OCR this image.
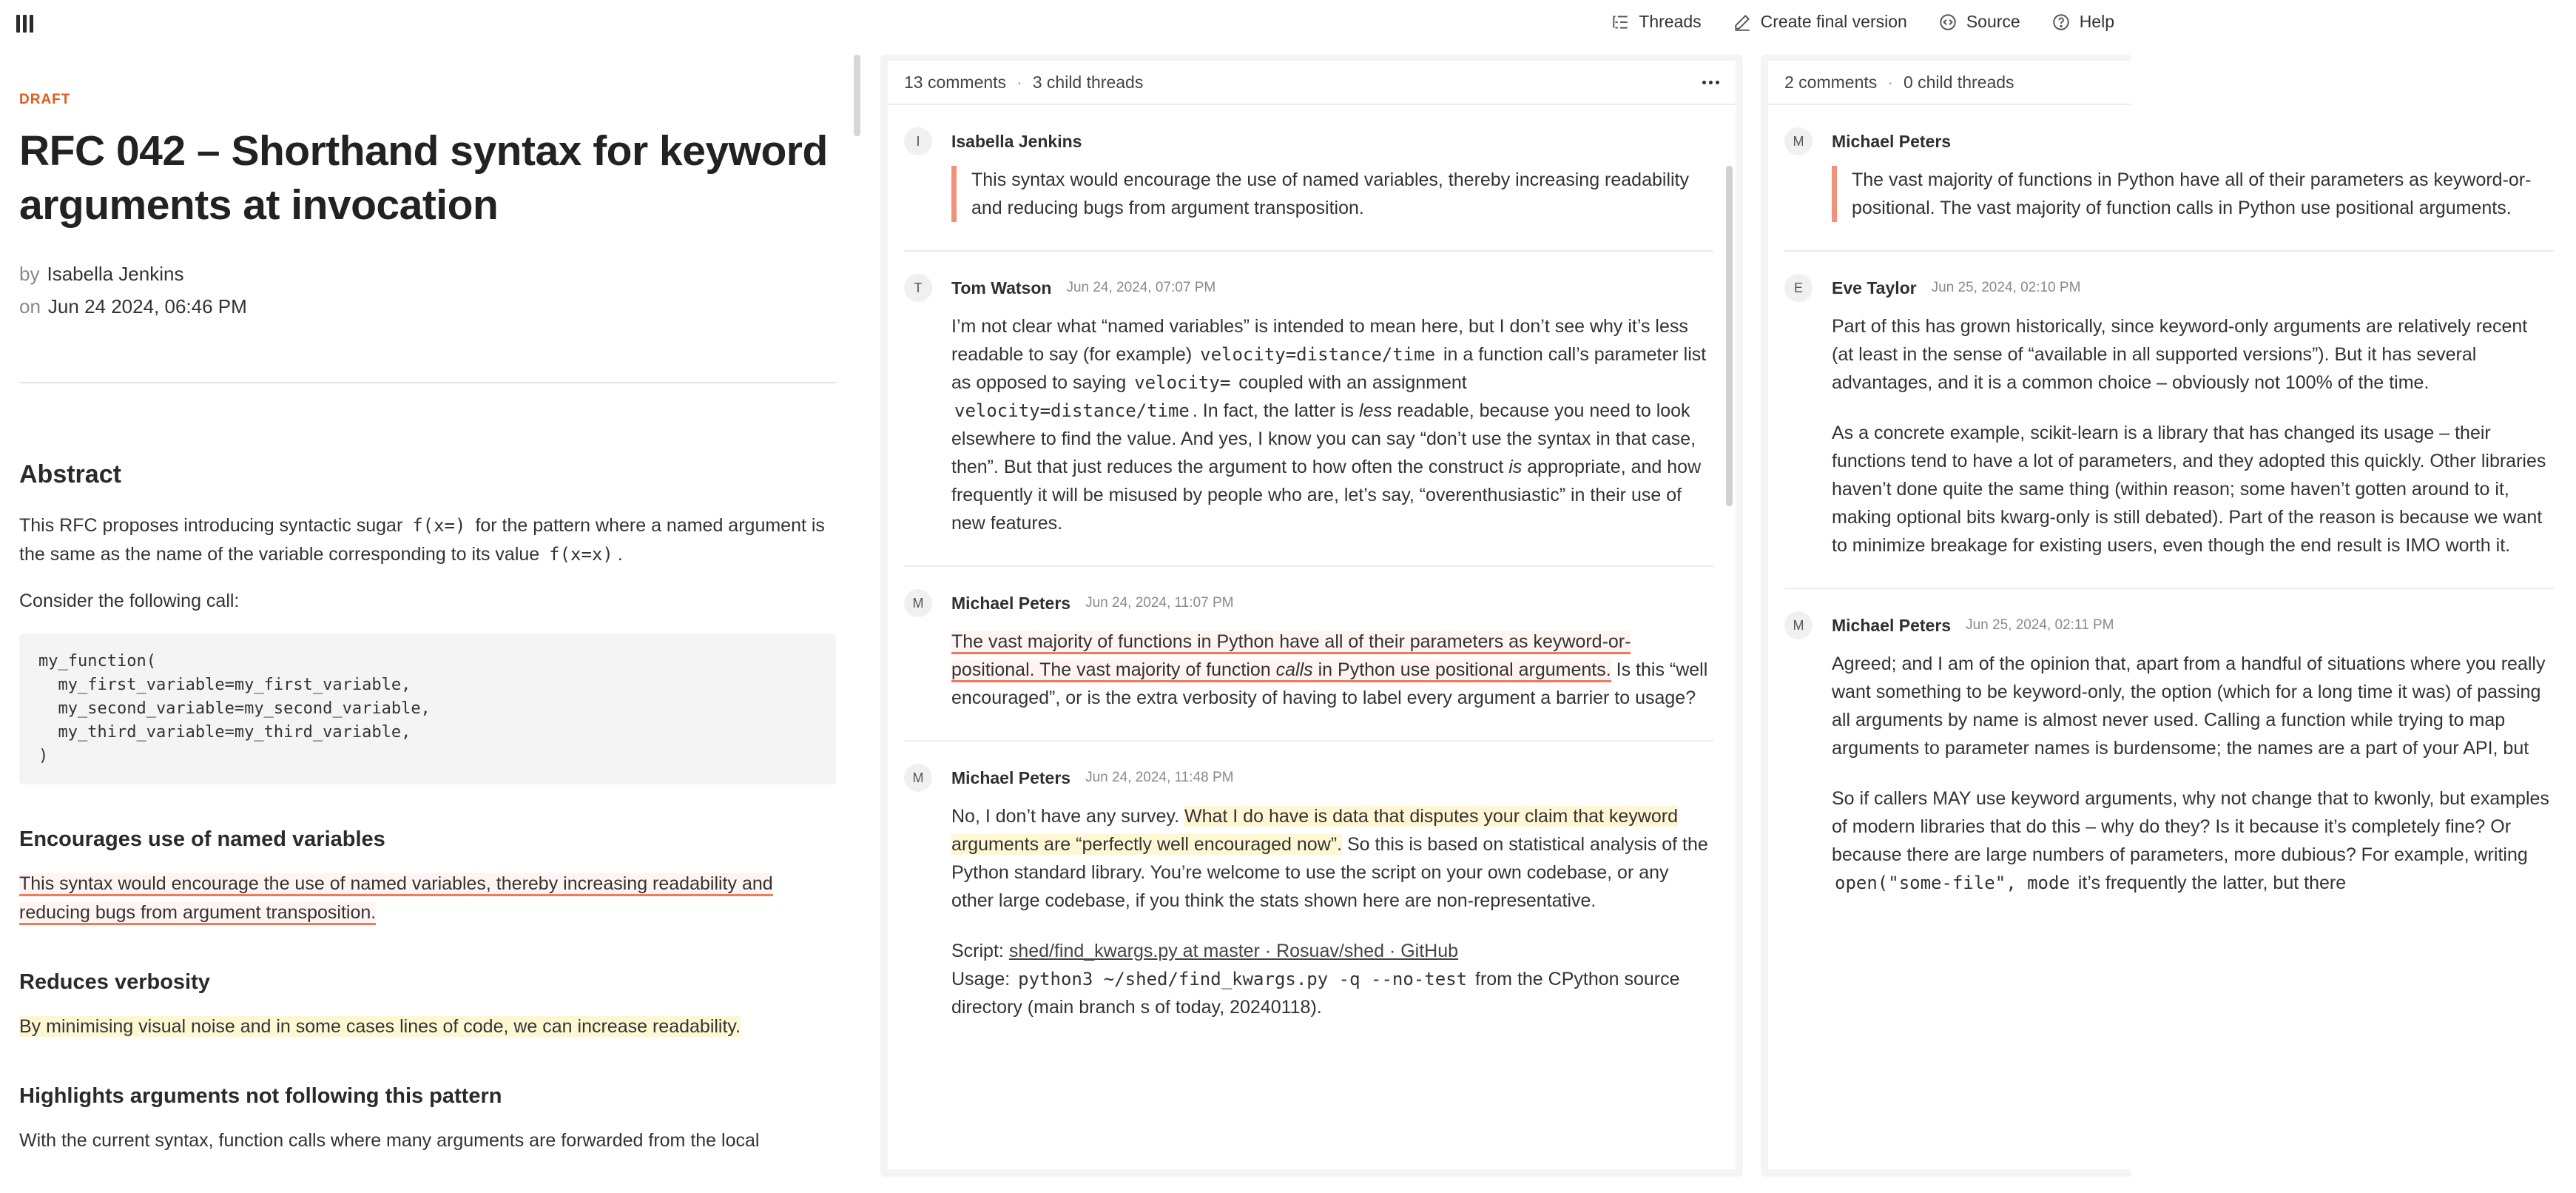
Threads	Create final version	Source	Help
DRAFT
RFC 042 – Shorthand syntax for keyword arguments at invocation
by Isabella Jenkins
on Jun 24 2024, 06:46 PM
Abstract

This RFC proposes introducing syntactic sugar f(x=) for the pattern where a named argument is the same as the name of the variable corresponding to its value f(x=x) .

Consider the following call:

my_function(
my_first_variable=my_first_variable,
my_second_variable=my_second_variable,
my_third_variable=my_third_variable,
)
Encourages use of named variables

This syntax would encourage the use of named variables, thereby increasing readability and reducing bugs from argument transposition.

Reduces verbosity

By minimising visual noise and in some cases lines of code, we can increase readability.

Highlights arguments not following this pattern

With the current syntax, function calls where many arguments are forwarded from the local

13 comments · 3 child threads
I	Isabella Jenkins
This syntax would encourage the use of named variables, thereby increasing readability and reducing bugs from argument transposition.
T	Tom Watson Jun 24, 2024, 07:07 PM

I’m not clear what “named variables” is intended to mean here, but I don’t see why it’s less readable to say (for example) velocity=distance/time in a function call’s parameter list as opposed to saying velocity= coupled with an assignment velocity=distance/time . In fact, the latter is less readable, because you need to look elsewhere to find the value. And yes, I know you can say “don’t use the syntax in that case, then”. But that just reduces the argument to how often the construct is appropriate, and how frequently it will be misused by people who are, let’s say, “overenthusiastic” in their use of new features.

M	Michael Peters Jun 24, 2024, 11:07 PM

The vast majority of functions in Python have all of their parameters as keyword-or-positional. The vast majority of function calls in Python use positional arguments. Is this “well encouraged”, or is the extra verbosity of having to label every argument a barrier to usage?

M	Michael Peters Jun 24, 2024, 11:48 PM

No, I don’t have any survey. What I do have is data that disputes your claim that keyword arguments are “perfectly well encouraged now”. So this is based on statistical analysis of the Python standard library. You’re welcome to use the script on your own codebase, or any other large codebase, if you think the stats shown here are non-representative.

Script: shed/find_kwargs.py at master · Rosuav/shed · GitHub
Usage: python3 ~/shed/find_kwargs.py -q --no-test from the CPython source directory (main branch s of today, 20240118).

2 comments · 0 child threads
M	Michael Peters
The vast majority of functions in Python have all of their parameters as keyword-or-positional. The vast majority of function calls in Python use positional arguments.
E	Eve Taylor Jun 25, 2024, 02:10 PM

Part of this has grown historically, since keyword-only arguments are relatively recent (at least in the sense of “available in all supported versions”). But it has several advantages, and it is a common choice – obviously not 100% of the time.

As a concrete example, scikit-learn is a library that has changed its usage – their functions tend to have a lot of parameters, and they adopted this quickly. Other libraries haven’t done quite the same thing (within reason; some haven’t gotten around to it, making optional bits kwarg-only is still debated). Part of the reason is because we want to minimize breakage for existing users, even though the end result is IMO worth it.

M	Michael Peters Jun 25, 2024, 02:11 PM

Agreed; and I am of the opinion that, apart from a handful of situations where you really want something to be keyword-only, the option (which for a long time it was) of passing all arguments by name is almost never used. Calling a function while trying to map arguments to parameter names is burdensome; the names are a part of your API, but

So if callers MAY use keyword arguments, why not change that to kwonly, but examples of modern libraries that do this – why do they? Is it because it’s completely fine? Or because there are large numbers of parameters, more dubious? For example, writing open("some-file", mode it’s frequently the latter, but there
